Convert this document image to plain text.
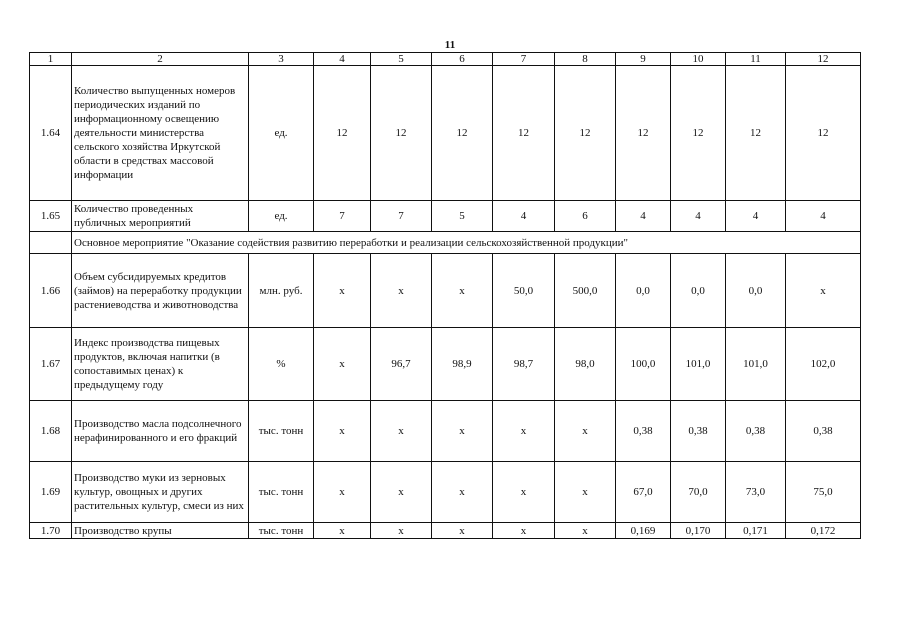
11
1	2	3	4	5	6	7	8	9	10	11	12
1.64	Количество выпущенных номеров периодических изданий по информационному освещению деятельности министерства сельского хозяйства Иркутской области в средствах массовой информации	ед.	12	12	12	12	12	12	12	12	12
1.65	Количество проведенных публичных мероприятий	ед.	7	7	5	4	6	4	4	4	4
	Основное мероприятие "Оказание содействия развитию переработки и реализации сельскохозяйственной продукции"										
1.66	Объем субсидируемых кредитов (займов) на переработку продукции растениеводства и животноводства	млн. руб.	х	х	х	50,0	500,0	0,0	0,0	0,0	х
1.67	Индекс производства пищевых продуктов, включая напитки (в сопоставимых ценах) к предыдущему году	%	х	96,7	98,9	98,7	98,0	100,0	101,0	101,0	102,0
1.68	Производство масла подсолнечного нерафинированного и его фракций	тыс. тонн	х	х	х	х	х	0,38	0,38	0,38	0,38
1.69	Производство муки из зерновых культур, овощных и других растительных культур, смеси из них	тыс. тонн	х	х	х	х	х	67,0	70,0	73,0	75,0
1.70	Производство крупы	тыс. тонн	х	х	х	х	х	0,169	0,170	0,171	0,172
